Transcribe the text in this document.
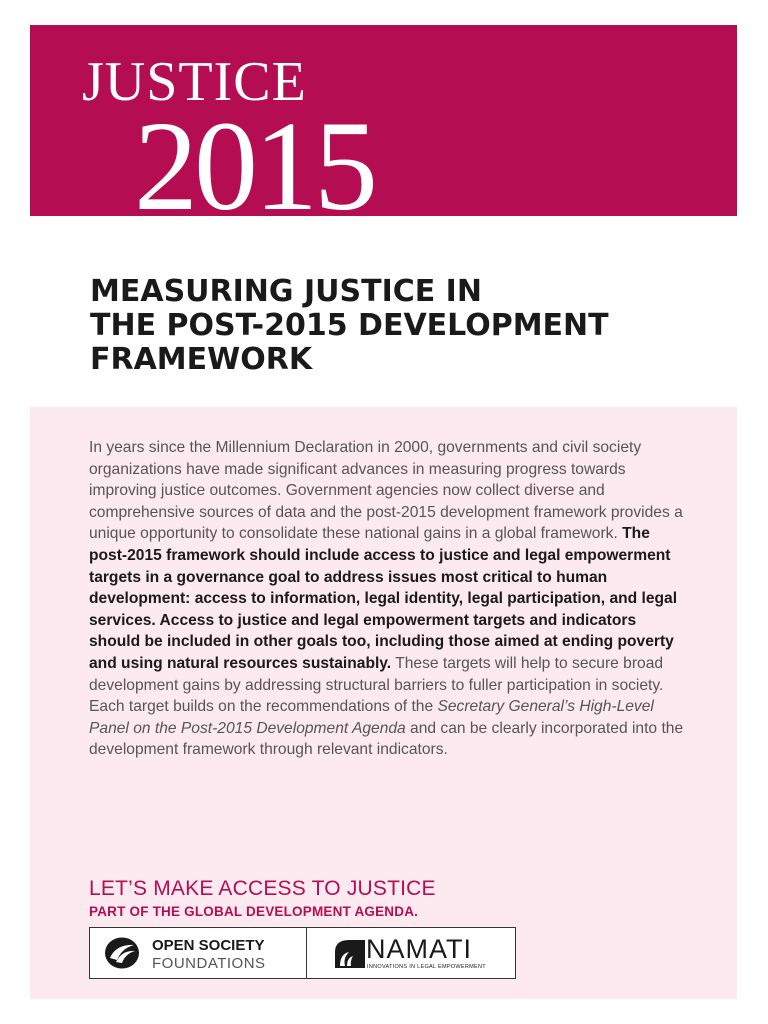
justice
2015
MEASURING JUSTICE IN
THE POST-2015 DEVELOPMENT
FRAMEWORK

In years since the Millennium Declaration in 2000, governments and civil society organizations have made significant advances in measuring progress towards improving justice outcomes. Government agencies now collect diverse and comprehensive sources of data and the post-2015 development framework provides a unique opportunity to consolidate these national gains in a global framework. The post-2015 framework should include access to justice and legal empowerment targets in a governance goal to address issues most critical to human development: access to information, legal identity, legal participation, and legal services. Access to justice and legal empowerment targets and indicators should be included in other goals too, including those aimed at ending poverty and using natural resources sustainably. These targets will help to secure broad development gains by addressing structural barriers to fuller participation in society. Each target builds on the recommendations of the Secretary General’s High-Level Panel on the Post-2015 Development Agenda and can be clearly incorporated into the development framework through relevant indicators.

LET’S MAKE ACCESS TO JUSTICE
PART OF THE GLOBAL DEVELOPMENT AGENDA.
OPEN SOCIETY
FOUNDATIONS	NAMATI
INNOVATIONS IN LEGAL EMPOWERMENT
